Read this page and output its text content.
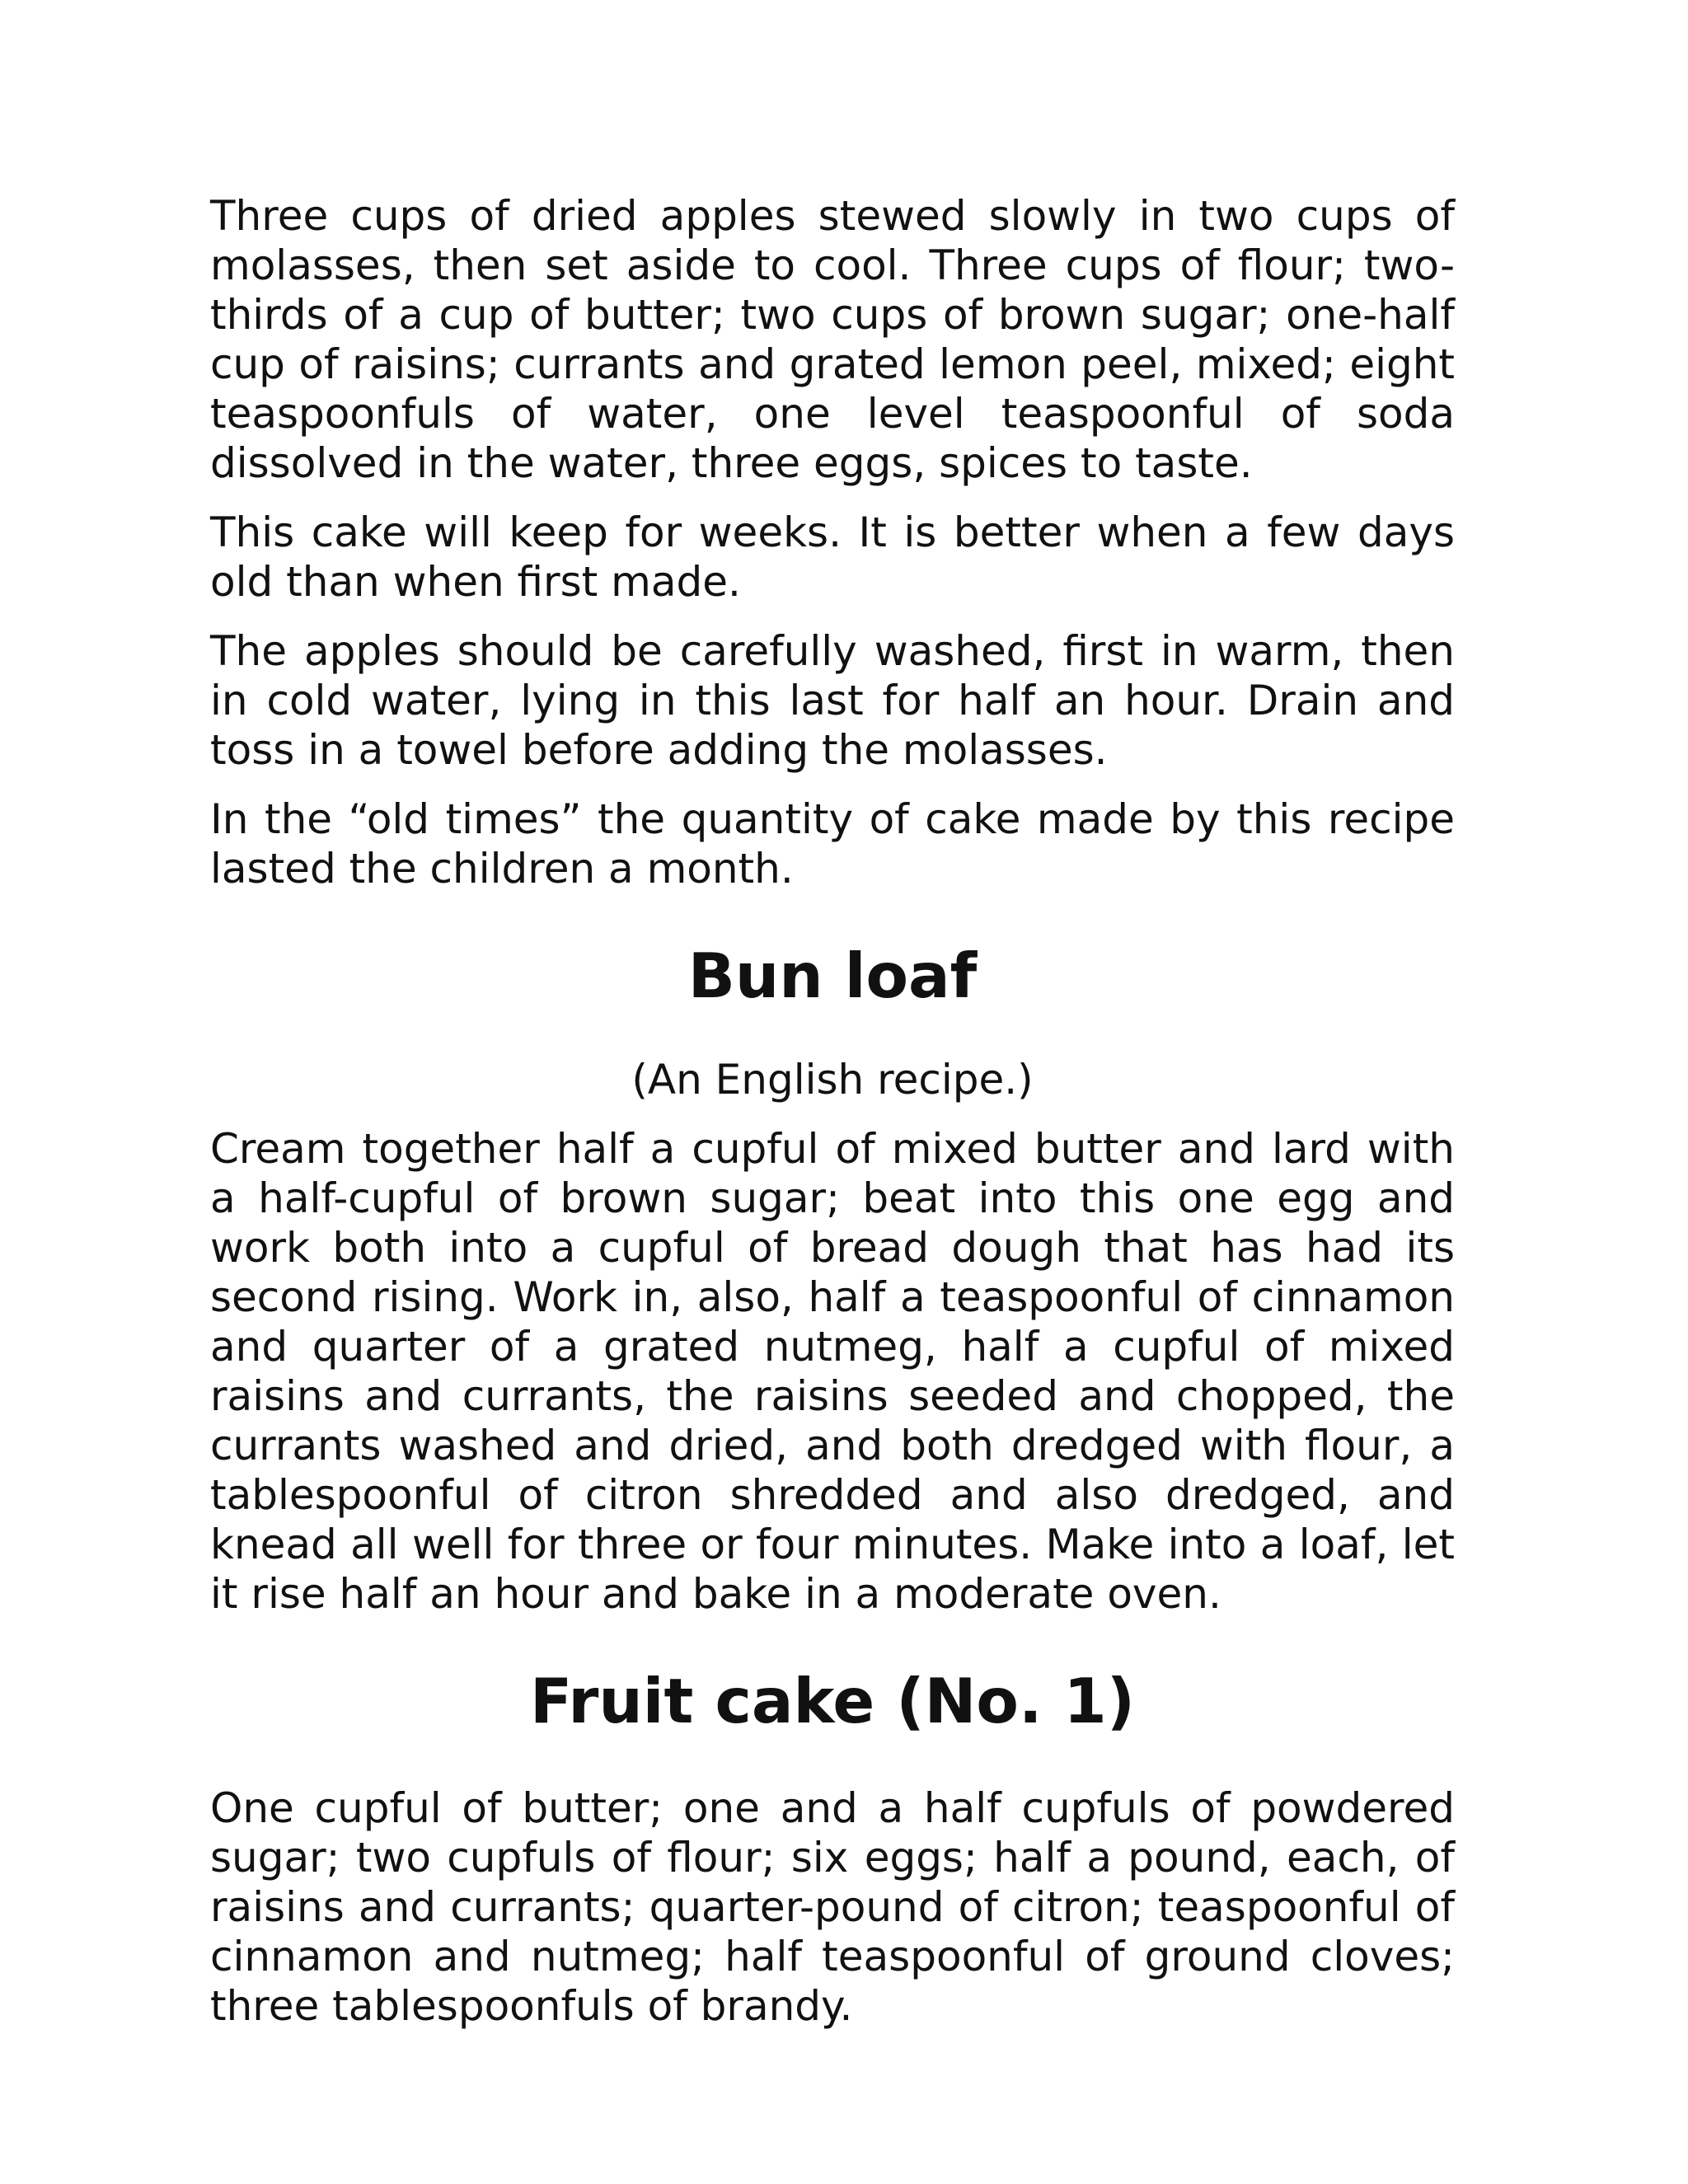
Three cups of dried apples stewed slowly in two cups of molasses, then set aside to cool. Three cups of flour; two-thirds of a cup of butter; two cups of brown sugar; one-half cup of raisins; currants and grated lemon peel, mixed; eight teaspoonfuls of water, one level teaspoonful of soda dissolved in the water, three eggs, spices to taste.

This cake will keep for weeks. It is better when a few days old than when first made.

The apples should be carefully washed, first in warm, then in cold water, lying in this last for half an hour. Drain and toss in a towel before adding the molasses.

In the “old times” the quantity of cake made by this recipe lasted the children a month.

Bun loaf

(An English recipe.)

Cream together half a cupful of mixed butter and lard with a half-cupful of brown sugar; beat into this one egg and work both into a cupful of bread dough that has had its second rising. Work in, also, half a teaspoonful of cinnamon and quarter of a grated nutmeg, half a cupful of mixed raisins and currants, the raisins seeded and chopped, the currants washed and dried, and both dredged with flour, a tablespoonful of citron shredded and also dredged, and knead all well for three or four minutes. Make into a loaf, let it rise half an hour and bake in a moderate oven.

Fruit cake (No. 1)

One cupful of butter; one and a half cupfuls of powdered sugar; two cupfuls of flour; six eggs; half a pound, each, of raisins and currants; quarter-pound of citron; teaspoonful of cinnamon and nutmeg; half teaspoonful of ground cloves; three tablespoonfuls of brandy.
